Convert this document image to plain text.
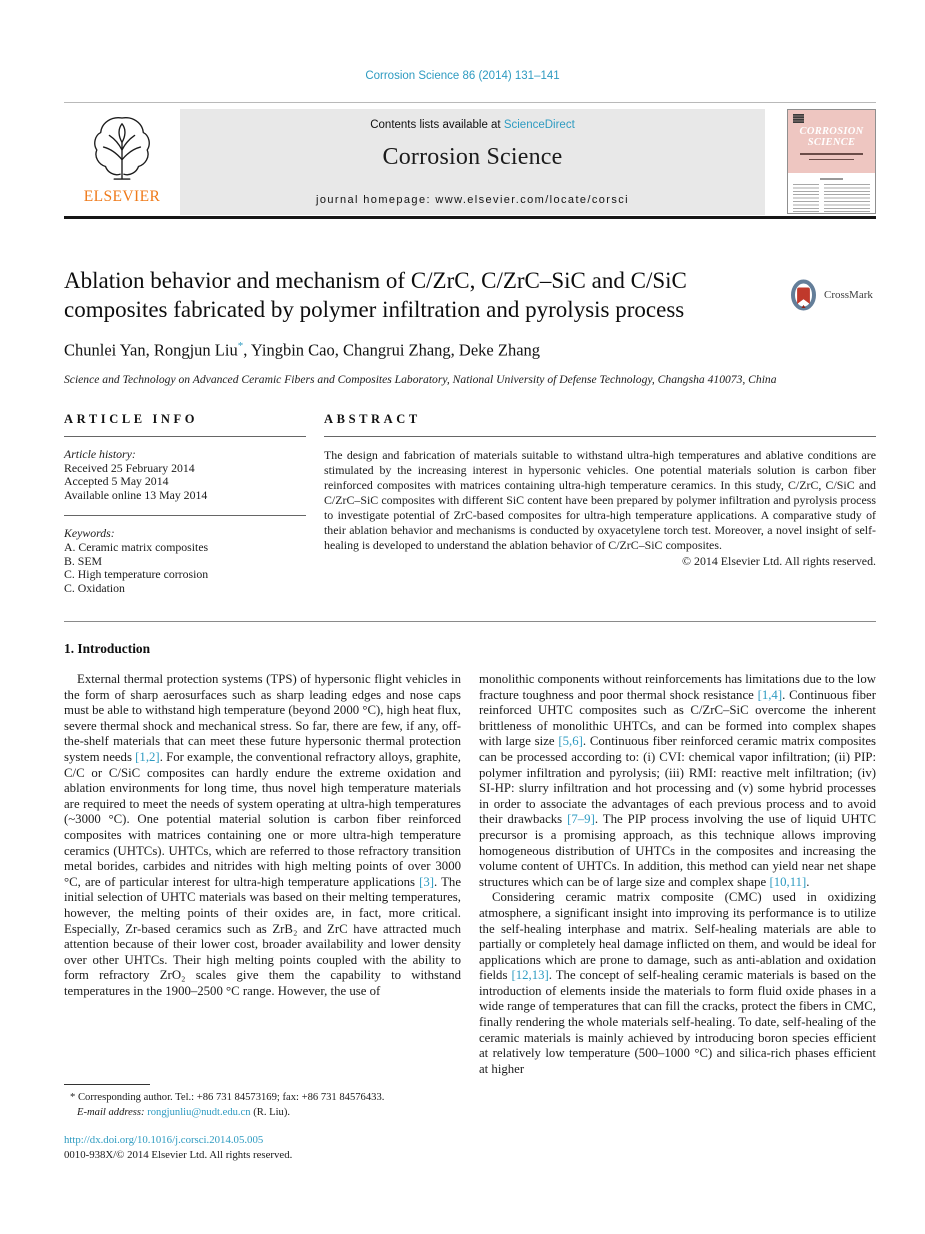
Corrosion Science 86 (2014) 131–141
ELSEVIER
Contents lists available at ScienceDirect
Corrosion Science
journal homepage: www.elsevier.com/locate/corsci
CORROSION
SCIENCE
Ablation behavior and mechanism of C/ZrC, C/ZrC–SiC and C/SiC composites fabricated by polymer infiltration and pyrolysis process
CrossMark
Chunlei Yan, Rongjun Liu*, Yingbin Cao, Changrui Zhang, Deke Zhang
Science and Technology on Advanced Ceramic Fibers and Composites Laboratory, National University of Defense Technology, Changsha 410073, China
ARTICLE INFO
Article history:
Received 25 February 2014
Accepted 5 May 2014
Available online 13 May 2014
Keywords:
A. Ceramic matrix composites
B. SEM
C. High temperature corrosion
C. Oxidation
ABSTRACT
The design and fabrication of materials suitable to withstand ultra-high temperatures and ablative conditions are stimulated by the increasing interest in hypersonic vehicles. One potential materials solution is carbon fiber reinforced composites with matrices containing ultra-high temperature ceramics. In this study, C/ZrC, C/SiC and C/ZrC–SiC composites with different SiC content have been prepared by polymer infiltration and pyrolysis process to investigate potential of ZrC-based composites for ultra-high temperature applications. A comparative study of their ablation behavior and mechanisms is conducted by oxyacetylene torch test. Moreover, a novel insight of self-healing is developed to understand the ablation behavior of C/ZrC–SiC composites.
© 2014 Elsevier Ltd. All rights reserved.
1. Introduction

External thermal protection systems (TPS) of hypersonic flight vehicles in the form of sharp aerosurfaces such as sharp leading edges and nose caps must be able to withstand high temperature (beyond 2000 °C), high heat flux, severe thermal shock and mechanical stress. So far, there are few, if any, off-the-shelf materials that can meet these future hypersonic thermal protection system needs [1,2]. For example, the conventional refractory alloys, graphite, C/C or C/SiC composites can hardly endure the extreme oxidation and ablation environments for long time, thus novel high temperature materials are required to meet the needs of system operating at ultra-high temperatures (~3000 °C). One potential material solution is carbon fiber reinforced composites with matrices containing one or more ultra-high temperature ceramics (UHTCs). UHTCs, which are referred to those refractory transition metal borides, carbides and nitrides with high melting points of over 3000 °C, are of particular interest for ultra-high temperature applications [3]. The initial selection of UHTC materials was based on their melting temperatures, however, the melting points of their oxides are, in fact, more critical. Especially, Zr-based ceramics such as ZrB₂ and ZrC have attracted much attention because of their lower cost, broader availability and lower density over other UHTCs. Their high melting points coupled with the ability to form refractory ZrO₂ scales give them the capability to withstand temperatures in the 1900–2500 °C range. However, the use of

monolithic components without reinforcements has limitations due to the low fracture toughness and poor thermal shock resistance [1,4]. Continuous fiber reinforced UHTC composites such as C/ZrC–SiC overcome the inherent brittleness of monolithic UHTCs, and can be formed into complex shapes with large size [5,6]. Continuous fiber reinforced ceramic matrix composites can be processed according to: (i) CVI: chemical vapor infiltration; (ii) PIP: polymer infiltration and pyrolysis; (iii) RMI: reactive melt infiltration; (iv) SI-HP: slurry infiltration and hot processing and (v) some hybrid processes in order to associate the advantages of each previous process and to avoid their drawbacks [7–9]. The PIP process involving the use of liquid UHTC precursor is a promising approach, as this technique allows improving homogeneous distribution of UHTCs in the composites and increasing the volume content of UHTCs. In addition, this method can yield near net shape structures which can be of large size and complex shape [10,11].

Considering ceramic matrix composite (CMC) used in oxidizing atmosphere, a significant insight into improving its performance is to utilize the self-healing interphase and matrix. Self-healing materials are able to partially or completely heal damage inflicted on them, and would be ideal for applications which are prone to damage, such as anti-ablation and oxidation fields [12,13]. The concept of self-healing ceramic materials is based on the introduction of elements inside the materials to form fluid oxide phases in a wide range of temperatures that can fill the cracks, protect the fibers in CMC, finally rendering the whole materials self-healing. To date, self-healing of the ceramic materials is mainly achieved by introducing boron species efficient at relatively low temperature (500–1000 °C) and silica-rich phases efficient at higher

* Corresponding author. Tel.: +86 731 84573169; fax: +86 731 84576433.
E-mail address: rongjunliu@nudt.edu.cn (R. Liu).
http://dx.doi.org/10.1016/j.corsci.2014.05.005
0010-938X/© 2014 Elsevier Ltd. All rights reserved.
